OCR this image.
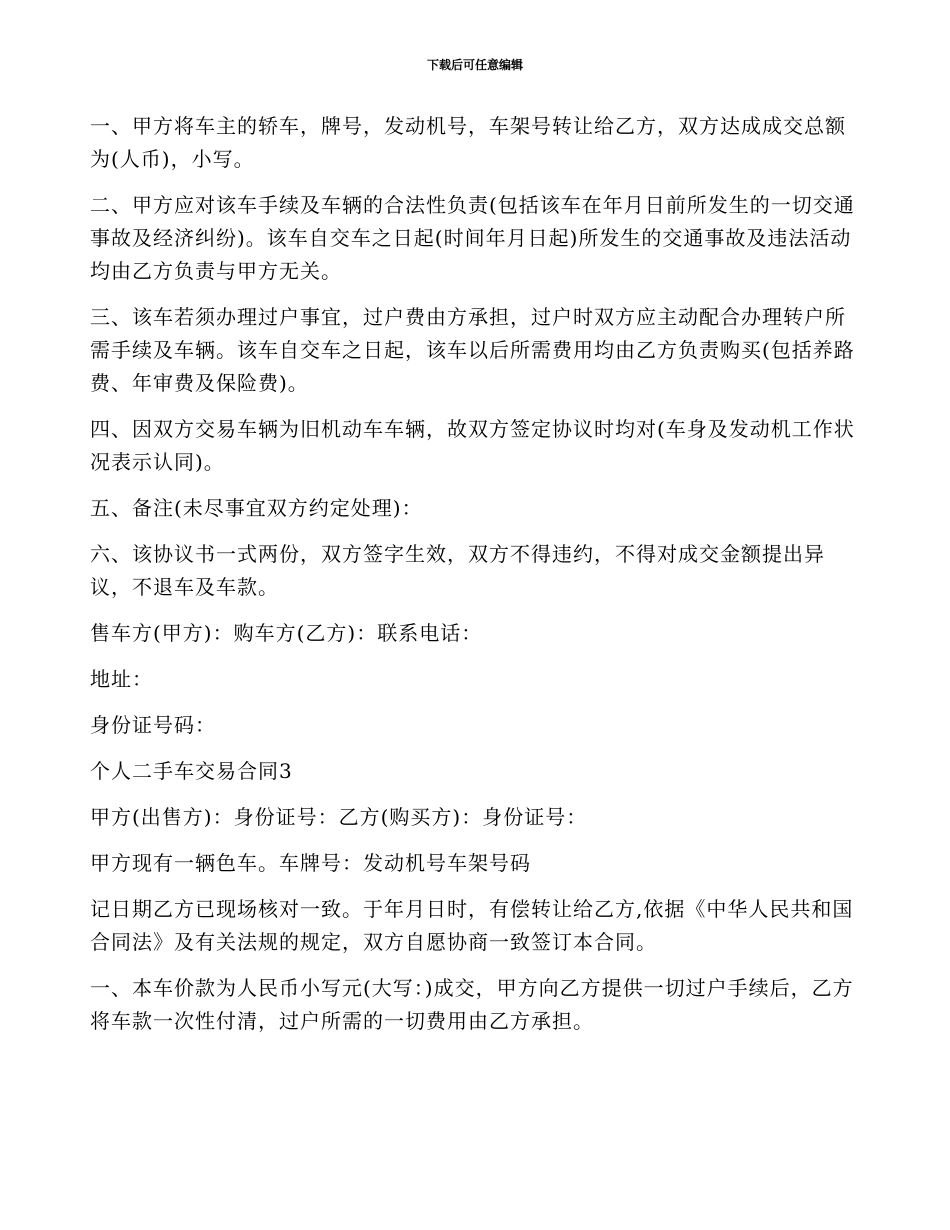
下载后可任意编辑

一、甲方将车主的轿车，牌号，发动机号，车架号转让给乙方，双方达成成交总额为(人币)，小写。

二、甲方应对该车手续及车辆的合法性负责(包括该车在年月日前所发生的一切交通事故及经济纠纷)。该车自交车之日起(时间年月日起)所发生的交通事故及违法活动均由乙方负责与甲方无关。

三、该车若须办理过户事宜，过户费由方承担，过户时双方应主动配合办理转户所需手续及车辆。该车自交车之日起，该车以后所需费用均由乙方负责购买(包括养路费、年审费及保险费)。

四、因双方交易车辆为旧机动车车辆，故双方签定协议时均对(车身及发动机工作状况表示认同)。

五、备注(未尽事宜双方约定处理)：

六、该协议书一式两份，双方签字生效，双方不得违约，不得对成交金额提出异议，不退车及车款。

售车方(甲方)：购车方(乙方)：联系电话：

地址：

身份证号码：

个人二手车交易合同3

甲方(出售方)：身份证号：乙方(购买方)：身份证号：

甲方现有一辆色车。车牌号：发动机号车架号码

记日期乙方已现场核对一致。于年月日时，有偿转让给乙方,依据《中华人民共和国合同法》及有关法规的规定，双方自愿协商一致签订本合同。

一、本车价款为人民币小写元(大写：)成交，甲方向乙方提供一切过户手续后，乙方将车款一次性付清，过户所需的一切费用由乙方承担。
